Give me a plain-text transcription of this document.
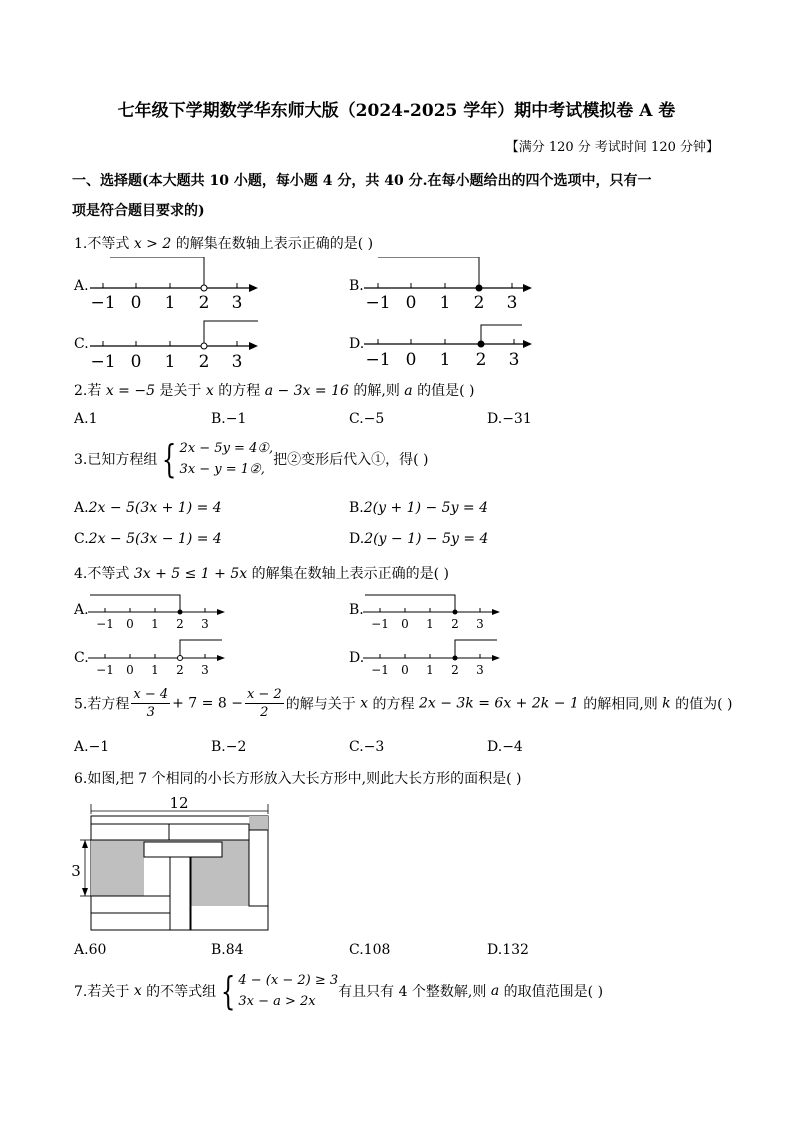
七年级下学期数学华东师大版（2024-2025 学年）期中考试模拟卷 A 卷
【满分 120 分 考试时间 120 分钟】
一、选择题(本大题共 10 小题，每小题 4 分，共 40 分.在每小题给出的四个选项中，只有一
项是符合题目要求的)
1.不等式 x > 2 的解集在数轴上表示正确的是( )
A.
−1 0 1 2 3
B.
−1 0 1 2 3
C.
−1 0 1 2 3
D.
−1 0 1 2 3
2.若 x = −5 是关于 x 的方程 a − 3x = 16 的解,则 a 的值是( )
A.1	B.−1	C.−5	D.−31
3.已知方程组 { 2x − 5y = 4①,
3x − y = 1②,
把②变形后代入①，得( )
A.2x − 5(3x + 1) = 4	B.2(y + 1) − 5y = 4
C.2x − 5(3x − 1) = 4	D.2(y − 1) − 5y = 4
4.不等式 3x + 5 ≤ 1 + 5x 的解集在数轴上表示正确的是( )
A.
−1 0 1 2 3
B.
−1 0 1 2 3
C.
−1 0 1 2 3
D.
−1 0 1 2 3
5.若方程 $\frac{x - 4}{3} + 7 = 8 - \frac{x - 2}{2}$ 的解与关于 x 的方程 2x − 3k = 6x + 2k − 1 的解相同,则 k 的值为( )
A.−1	B.−2	C.−3	D.−4
6.如图,把 7 个相同的小长方形放入大长方形中,则此大长方形的面积是( )
12
3
A.60	B.84	C.108	D.132
7.若关于 x 的不等式组 { 4 − (x − 2) ≥ 3
3x − a > 2x
有且只有 4 个整数解,则 a 的取值范围是( )
